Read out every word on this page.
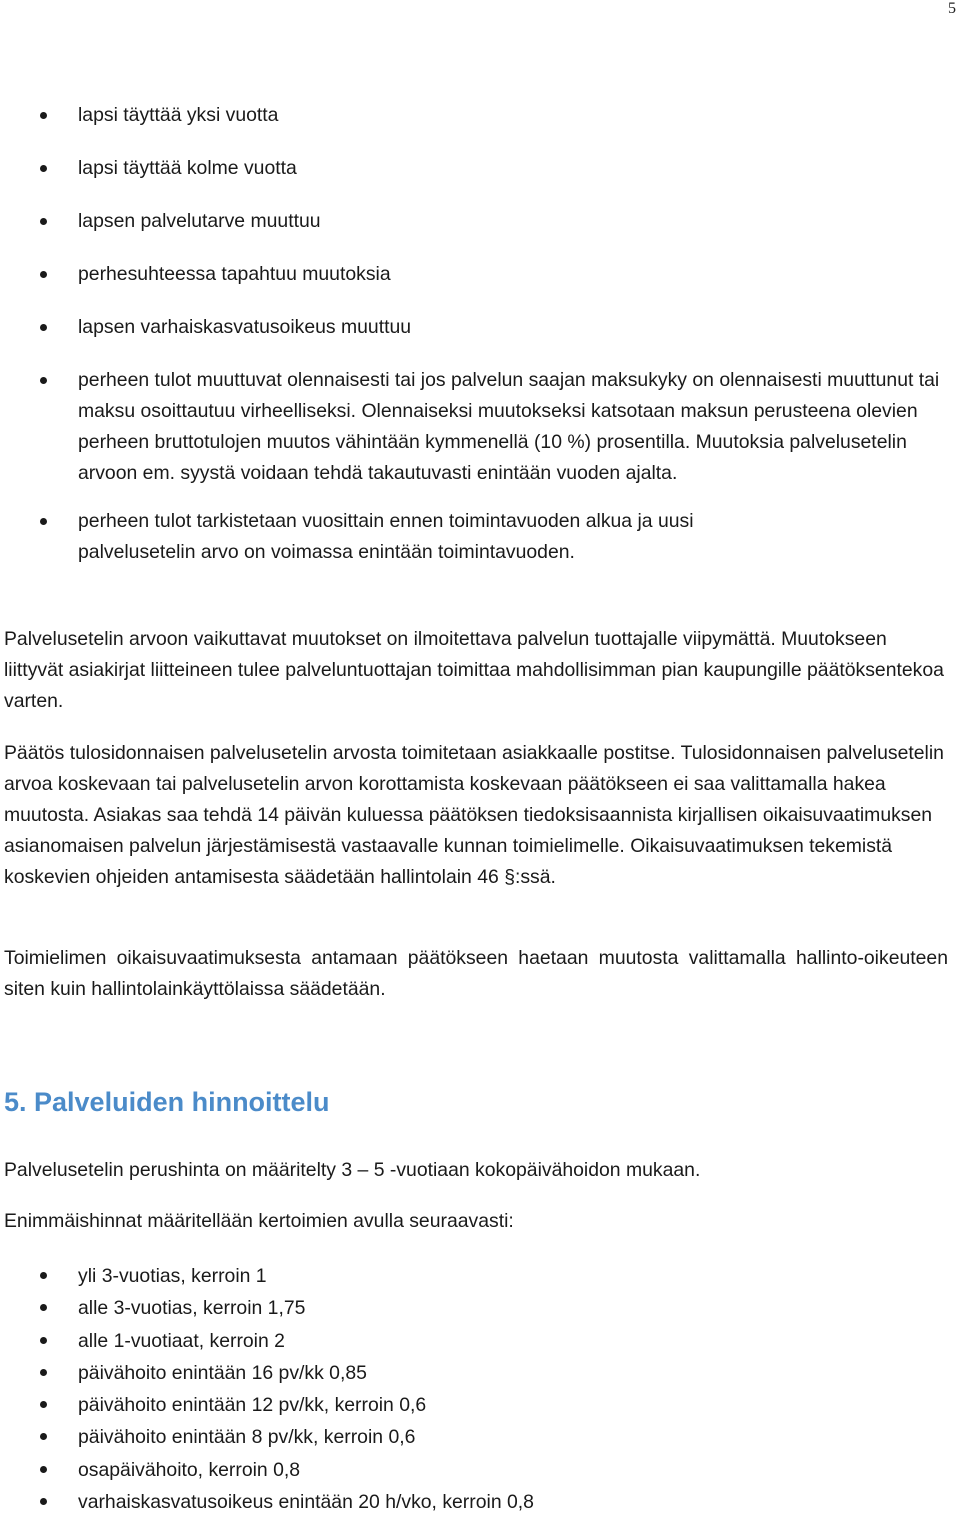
5
lapsi täyttää yksi vuotta
lapsi täyttää kolme vuotta
lapsen palvelutarve muuttuu
perhesuhteessa tapahtuu muutoksia
lapsen varhaiskasvatusoikeus muuttuu
perheen tulot muuttuvat olennaisesti tai jos palvelun saajan maksukyky on olennaisesti muuttunut tai maksu osoittautuu virheelliseksi. Olennaiseksi muutokseksi katsotaan maksun perusteena olevien perheen bruttotulojen muutos vähintään kymmenellä (10 %) prosentilla. Muutoksia palvelusetelin arvoon em. syystä voidaan tehdä takautuvasti enintään vuoden ajalta.
perheen tulot tarkistetaan vuosittain ennen toimintavuoden alkua ja uusi palvelusetelin arvo on voimassa enintään toimintavuoden.

Palvelusetelin arvoon vaikuttavat muutokset on ilmoitettava palvelun tuottajalle viipymättä. Muutokseen liittyvät asiakirjat liitteineen tulee palveluntuottajan toimittaa mahdollisimman pian kaupungille päätöksentekoa varten.

Päätös tulosidonnaisen palvelusetelin arvosta toimitetaan asiakkaalle postitse. Tulosidonnaisen palvelusetelin arvoa koskevaan tai palvelusetelin arvon korottamista koskevaan päätökseen ei saa valittamalla hakea muutosta. Asiakas saa tehdä 14 päivän kuluessa päätöksen tiedoksisaannista kirjallisen oikaisuvaatimuksen asianomaisen palvelun järjestämisestä vastaavalle kunnan toimielimelle. Oikaisuvaatimuksen tekemistä koskevien ohjeiden antamisesta säädetään hallintolain 46 §:ssä.

Toimielimen oikaisuvaatimuksesta antamaan päätökseen haetaan muutosta valittamalla hallinto-oikeuteen siten kuin hallintolainkäyttölaissa säädetään.

5. Palveluiden hinnoittelu

Palvelusetelin perushinta on määritelty 3 – 5 -vuotiaan kokopäivähoidon mukaan.

Enimmäishinnat määritellään kertoimien avulla seuraavasti:

yli 3-vuotias, kerroin 1
alle 3-vuotias, kerroin 1,75
alle 1-vuotiaat, kerroin 2
päivähoito enintään 16 pv/kk 0,85
päivähoito enintään 12 pv/kk, kerroin 0,6
päivähoito enintään 8 pv/kk, kerroin 0,6
osapäivähoito, kerroin 0,8
varhaiskasvatusoikeus enintään 20 h/vko, kerroin 0,8
